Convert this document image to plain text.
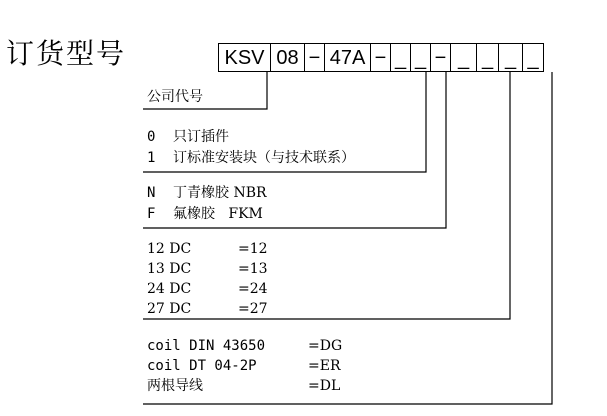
订货型号	KSV 08 − 47A − _ _ − _ _ _ _
公司代号
0 只订插件
1 订标准安装块（与技术联系）
N 丁青橡胶 NBR
F 氟橡胶   FKM
12 DC	=12
13 DC	=13
24 DC	=24
27 DC	=27
coil DIN 43650	=DG
coil DT 04-2P	=ER
两根导线	=DL
